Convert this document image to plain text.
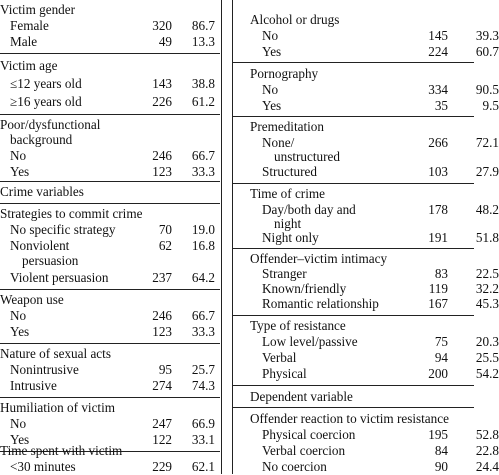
Victim gender
Female	320	86.7
Male	49	13.3
Victim age
≤12 years old	143	38.8
≥16 years old	226	61.2
Poor/dysfunctional
background
No	246	66.7
Yes	123	33.3
Crime variables
Strategies to commit crime
No specific strategy	70	19.0
Nonviolent	62	16.8
persuasion
Violent persuasion	237	64.2
Weapon use
No	246	66.7
Yes	123	33.3
Nature of sexual acts
Nonintrusive	95	25.7
Intrusive	274	74.3
Humiliation of victim
No	247	66.9
Yes	122	33.1
Time spent with victim
<30 minutes	229	62.1
Alcohol or drugs
No	145	39.3
Yes	224	60.7
Pornography
No	334	90.5
Yes	35	9.5
Premeditation
None/	266	72.1
unstructured
Structured	103	27.9
Time of crime
Day/both day and	178	48.2
night
Night only	191	51.8
Offender–victim intimacy
Stranger	83	22.5
Known/friendly	119	32.2
Romantic relationship	167	45.3
Type of resistance
Low level/passive	75	20.3
Verbal	94	25.5
Physical	200	54.2
Dependent variable
Offender reaction to victim resistance
Physical coercion	195	52.8
Verbal coercion	84	22.8
No coercion	90	24.4
